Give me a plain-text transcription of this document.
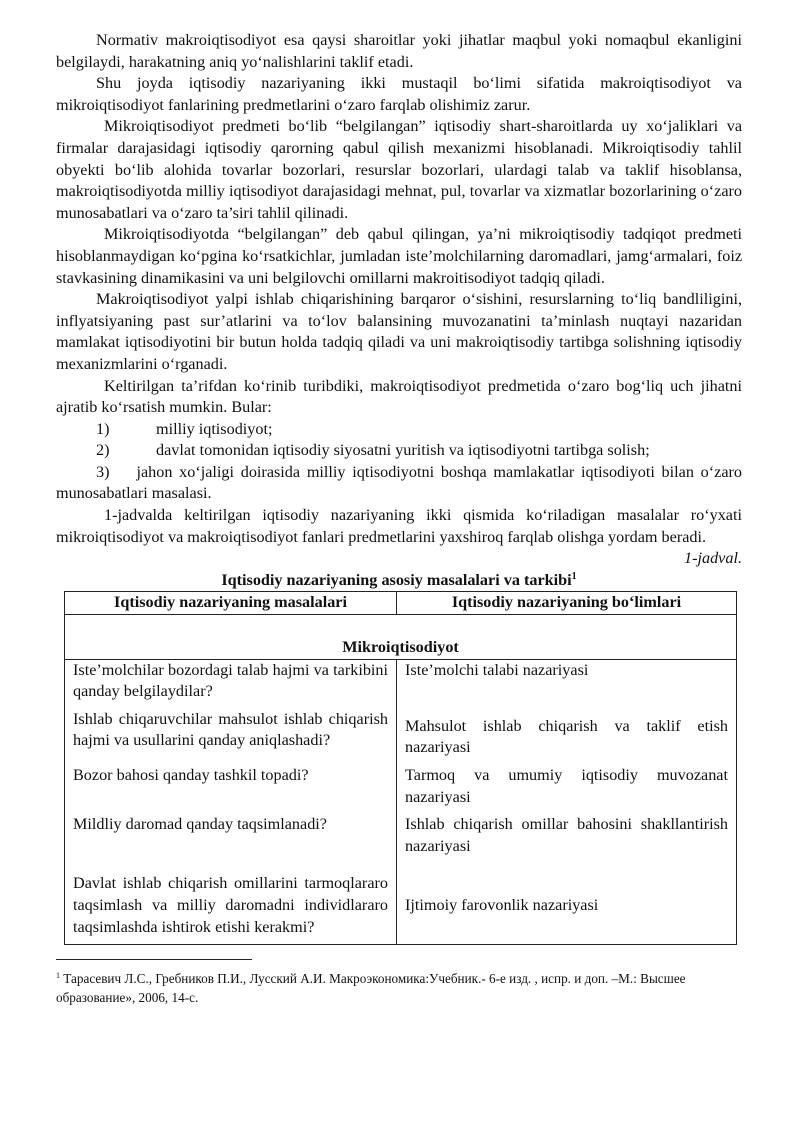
Normativ makroiqtisodiyot esa qaysi sharoitlar yoki jihatlar maqbul yoki nomaqbul ekanligini belgilaydi, harakatning aniq yo‘nalishlarini taklif etadi.

Shu joyda iqtisodiy nazariyaning ikki mustaqil bo‘limi sifatida makroiqtisodiyot va mikroiqtisodiyot fanlarining predmetlarini o‘zaro farqlab olishimiz zarur.

Mikroiqtisodiyot predmeti bo‘lib “belgilangan” iqtisodiy shart-sharoitlarda uy xo‘jaliklari va firmalar darajasidagi iqtisodiy qarorning qabul qilish mexanizmi hisoblanadi. Mikroiqtisodiy tahlil obyekti bo‘lib alohida tovarlar bozorlari, resurslar bozorlari, ulardagi talab va taklif hisoblansa, makroiqtisodiyotda milliy iqtisodiyot darajasidagi mehnat, pul, tovarlar va xizmatlar bozorlarining o‘zaro munosabatlari va o‘zaro ta’siri tahlil qilinadi.

Mikroiqtisodiyotda “belgilangan” deb qabul qilingan, ya’ni mikroiqtisodiy tadqiqot predmeti hisoblanmaydigan ko‘pgina ko‘rsatkichlar, jumladan iste’molchilarning daromadlari, jamg‘armalari, foiz stavkasining dinamikasini va uni belgilovchi omillarni makroitisodiyot tadqiq qiladi.

Makroiqtisodiyot yalpi ishlab chiqarishining barqaror o‘sishini, resurslarning to‘liq bandliligini, inflyatsiyaning past sur’atlarini va to‘lov balansining muvozanatini ta’minlash nuqtayi nazaridan mamlakat iqtisodiyotini bir butun holda tadqiq qiladi va uni makroiqtisodiy tartibga solishning iqtisodiy mexanizmlarini o‘rganadi.

Keltirilgan ta’rifdan ko‘rinib turibdiki, makroiqtisodiyot predmetida o‘zaro bog‘liq uch jihatni ajratib ko‘rsatish mumkin. Bular:

1)	milliy iqtisodiyot;
2)	davlat tomonidan iqtisodiy siyosatni yuritish va iqtisodiyotni tartibga solish;
3) jahon xo‘jaligi doirasida milliy iqtisodiyotni boshqa mamlakatlar iqtisodiyoti bilan o‘zaro munosabatlari masalasi.

1-jadvalda keltirilgan iqtisodiy nazariyaning ikki qismida ko‘riladigan masalalar ro‘yxati mikroiqtisodiyot va makroiqtisodiyot fanlari predmetlarini yaxshiroq farqlab olishga yordam beradi.

1-jadval.

Iqtisodiy nazariyaning asosiy masalalari va tarkibi$^1$

Iqtisodiy nazariyaning masalalari	Iqtisodiy nazariyaning bo‘limlari
Mikroiqtisodiyot	
Iste’molchilar bozordagi talab hajmi va tarkibini qanday belgilaydilar?	Iste’molchi talabi nazariyasi
Ishlab chiqaruvchilar mahsulot ishlab chiqarish hajmi va usullarini qanday aniqlashadi?	Mahsulot ishlab chiqarish va taklif etish nazariyasi
Bozor bahosi qanday tashkil topadi?	Tarmoq va umumiy iqtisodiy muvozanat nazariyasi
Mildliy daromad qanday taqsimlanadi?	Ishlab chiqarish omillar bahosini shakllantirish nazariyasi
Davlat ishlab chiqarish omillarini tarmoqlararo taqsimlash va milliy daromadni individlararo taqsimlashda ishtirok etishi kerakmi?	Ijtimoiy farovonlik nazariyasi

$^1$ Тарасевич Л.С., Гребников П.И., Лусский А.И. Макроэкономика:Учебник.- 6-е изд. , испр. и доп. –М.: Высшее образование», 2006, 14-с.
